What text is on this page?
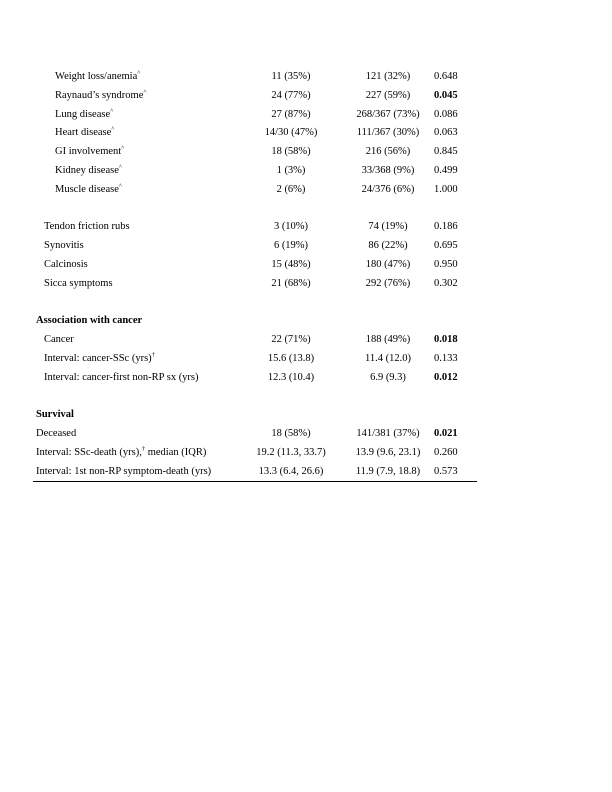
Weight loss/anemia^	11 (35%)	121 (32%)	0.648
Raynaud’s syndrome^	24 (77%)	227 (59%)	0.045
Lung disease^	27 (87%)	268/367 (73%)	0.086
Heart disease^	14/30 (47%)	111/367 (30%)	0.063
GI involvement^	18 (58%)	216 (56%)	0.845
Kidney disease^	1 (3%)	33/368 (9%)	0.499
Muscle disease^	2 (6%)	24/376 (6%)	1.000
Tendon friction rubs	3 (10%)	74 (19%)	0.186
Synovitis	6 (19%)	86 (22%)	0.695
Calcinosis	15 (48%)	180 (47%)	0.950
Sicca symptoms	21 (68%)	292 (76%)	0.302
Association with cancer
Cancer	22 (71%)	188 (49%)	0.018
Interval: cancer-SSc (yrs)†	15.6 (13.8)	11.4 (12.0)	0.133
Interval: cancer-first non-RP sx (yrs)	12.3 (10.4)	6.9 (9.3)	0.012
Survival
Deceased	18 (58%)	141/381 (37%)	0.021
Interval: SSc-death (yrs),† median (IQR)	19.2 (11.3, 33.7)	13.9 (9.6, 23.1)	0.260
Interval: 1st non-RP symptom-death (yrs)	13.3 (6.4, 26.6)	11.9 (7.9, 18.8)	0.573
